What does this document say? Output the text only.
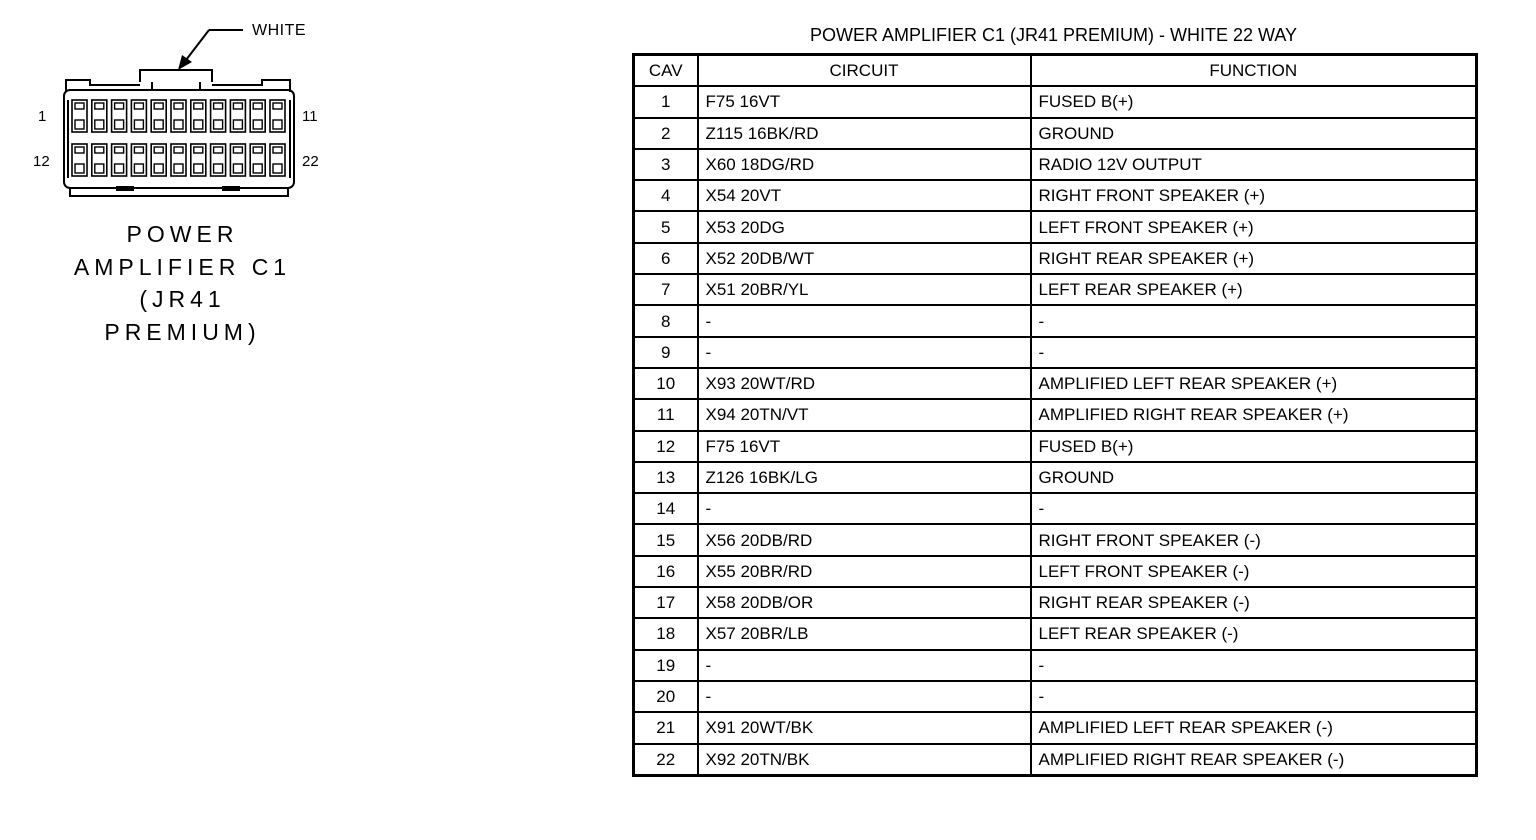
WHITE
1	11
12	22
POWER
AMPLIFIER C1
(JR41
PREMIUM)
POWER AMPLIFIER C1 (JR41 PREMIUM) - WHITE 22 WAY
CAV	CIRCUIT	FUNCTION
1	F75 16VT	FUSED B(+)
2	Z115 16BK/RD	GROUND
3	X60 18DG/RD	RADIO 12V OUTPUT
4	X54 20VT	RIGHT FRONT SPEAKER (+)
5	X53 20DG	LEFT FRONT SPEAKER (+)
6	X52 20DB/WT	RIGHT REAR SPEAKER (+)
7	X51 20BR/YL	LEFT REAR SPEAKER (+)
8	-	-
9	-	-
10	X93 20WT/RD	AMPLIFIED LEFT REAR SPEAKER (+)
11	X94 20TN/VT	AMPLIFIED RIGHT REAR SPEAKER (+)
12	F75 16VT	FUSED B(+)
13	Z126 16BK/LG	GROUND
14	-	-
15	X56 20DB/RD	RIGHT FRONT SPEAKER (-)
16	X55 20BR/RD	LEFT FRONT SPEAKER (-)
17	X58 20DB/OR	RIGHT REAR SPEAKER (-)
18	X57 20BR/LB	LEFT REAR SPEAKER (-)
19	-	-
20	-	-
21	X91 20WT/BK	AMPLIFIED LEFT REAR SPEAKER (-)
22	X92 20TN/BK	AMPLIFIED RIGHT REAR SPEAKER (-)
